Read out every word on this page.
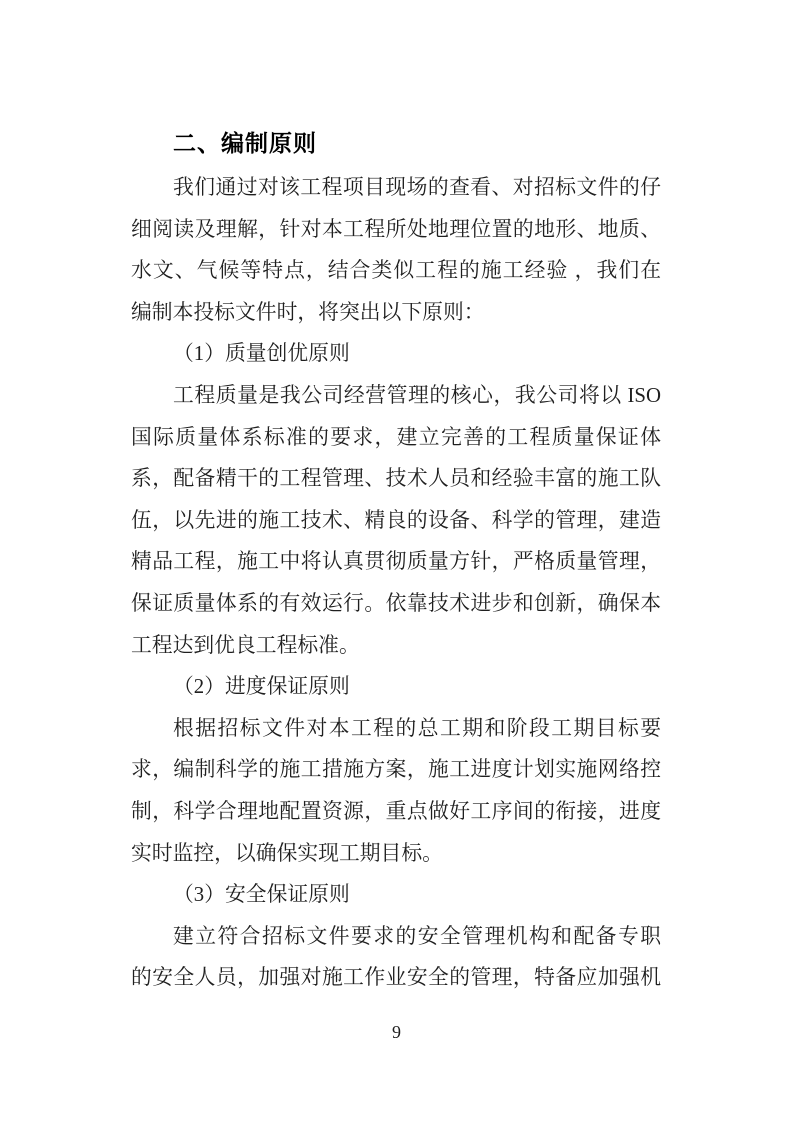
二、编制原则
我们通过对该工程项目现场的查看、对招标文件的仔
细阅读及理解，针对本工程所处地理位置的地形、地质、
水文、气候等特点，结合类似工程的施工经验 ，我们在
编制本投标文件时，将突出以下原则：
（1）质量创优原则
工程质量是我公司经营管理的核心，我公司将以 ISO
国际质量体系标准的要求，建立完善的工程质量保证体
系，配备精干的工程管理、技术人员和经验丰富的施工队
伍，以先进的施工技术、精良的设备、科学的管理，建造
精品工程，施工中将认真贯彻质量方针，严格质量管理，
保证质量体系的有效运行。依靠技术进步和创新，确保本
工程达到优良工程标准。
（2）进度保证原则
根据招标文件对本工程的总工期和阶段工期目标要
求，编制科学的施工措施方案，施工进度计划实施网络控
制，科学合理地配置资源，重点做好工序间的衔接，进度
实时监控，以确保实现工期目标。
（3）安全保证原则
建立符合招标文件要求的安全管理机构和配备专职
的安全人员，加强对施工作业安全的管理，特备应加强机
9
